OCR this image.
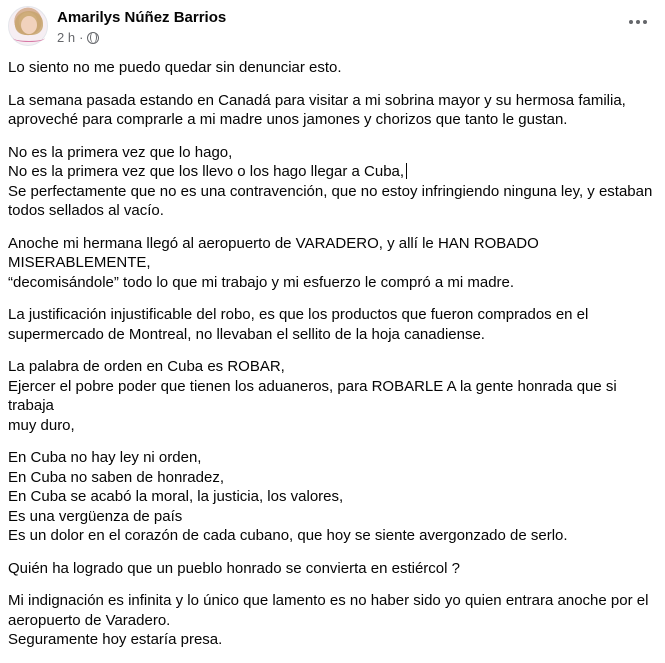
Amarilys Núñez Barrios
2 h ·
Lo siento no me puedo quedar sin denunciar esto.
La semana pasada estando en Canadá para visitar a mi sobrina mayor y su hermosa familia,
aproveché para comprarle a mi madre unos jamones y chorizos que tanto le gustan.
No es la primera vez que lo hago,
No es la primera vez que los llevo o los hago llegar a Cuba,
Se perfectamente que no es una contravención, que no estoy infringiendo ninguna ley, y estaban
todos sellados al vacío.
Anoche mi hermana llegó al aeropuerto de VARADERO, y allí le HAN ROBADO MISERABLEMENTE,
“decomisándole” todo lo que mi trabajo y mi esfuerzo le compró a mi madre.
La justificación injustificable del robo, es que los productos que fueron comprados en el
supermercado de Montreal, no llevaban el sellito de la hoja canadiense.
La palabra de orden en Cuba es ROBAR,
Ejercer el pobre poder que tienen los aduaneros, para ROBARLE A la gente honrada que si trabaja
muy duro,
En Cuba no hay ley ni orden,
En Cuba no saben de honradez,
En Cuba se acabó la moral, la justicia, los valores,
Es una vergüenza de país
Es un dolor en el corazón de cada cubano, que hoy se siente avergonzado de serlo.
Quién ha logrado que un pueblo honrado se convierta en estiércol ?
Mi indignación es infinita y lo único que lamento es no haber sido yo quien entrara anoche por el
aeropuerto de Varadero.
Seguramente hoy estaría presa.
